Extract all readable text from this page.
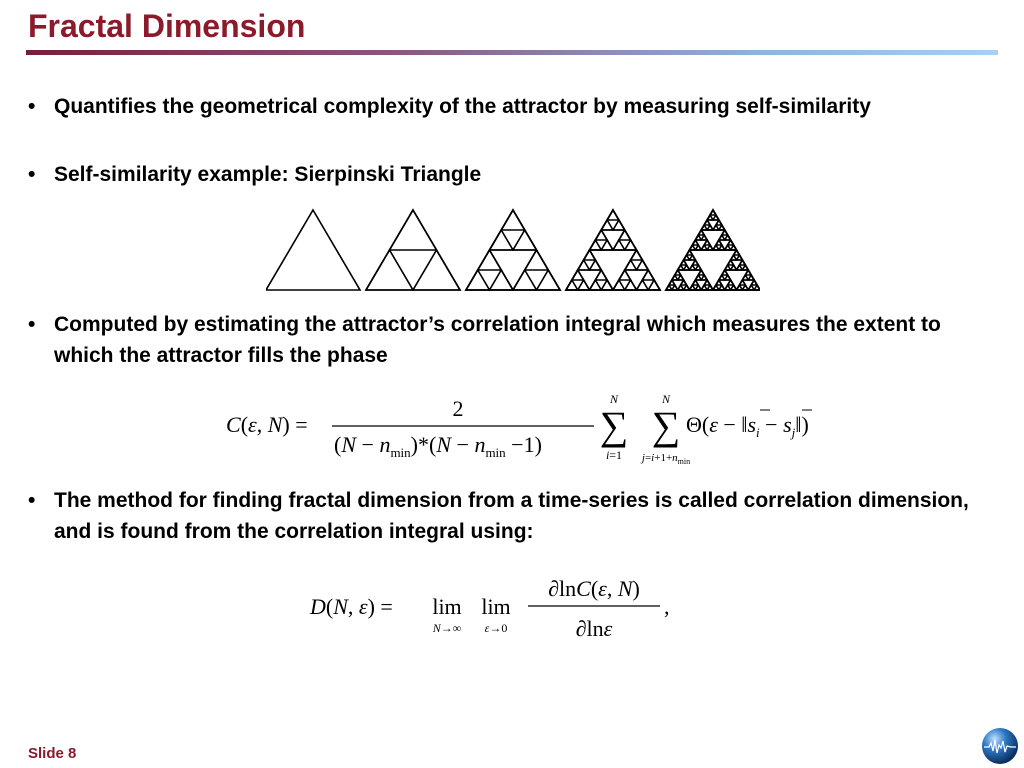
Fractal Dimension
• Quantifies the geometrical complexity of the attractor by measuring self-similarity
• Self-similarity example: Sierpinski Triangle
• Computed by estimating the attractor’s correlation integral which measures the extent to which the attractor fills the phase
• The method for finding fractal dimension from a time-series is called correlation dimension, and is found from the correlation integral using:
C(ε, N) =
2
$(N - n_{min})*(N - n_{min} -1)$
N
∑
i=1
N
∑
$j=i+1+n_{min}$
$\Theta(\varepsilon - ‖s_i$ − $s_j‖$)
D(N, ε) = lim
N→∞
lim
ε→0
∂lnC(ε, N)
∂lnε
,
Slide 8
